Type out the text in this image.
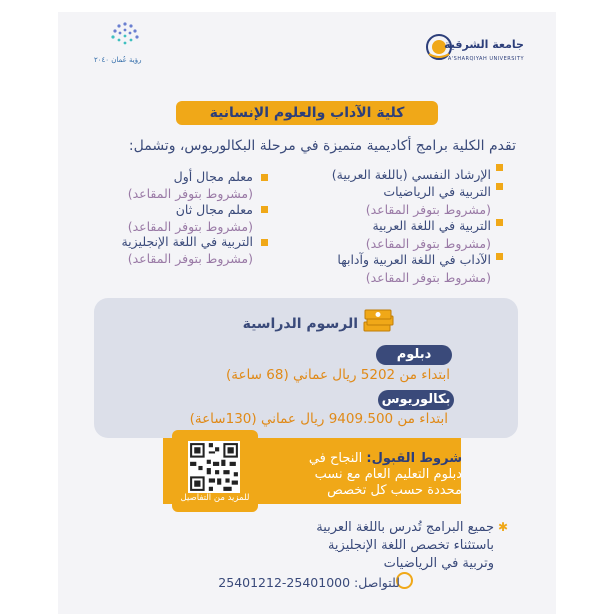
جامعة الشرقية
A'SHARQIYAH UNIVERSITY
رؤية عُمان ٢٠٤٠
كلية الآداب والعلوم الإنسانية
تقدم الكلية برامج أكاديمية متميزة في مرحلة البكالوريوس، وتشمل:
الإرشاد النفسي (باللغة العربية)
التربية في الرياضيات
(مشروط بتوفر المقاعد)
التربية في اللغة العربية
(مشروط بتوفر المقاعد)
الآداب في اللغة العربية وآدابها
(مشروط بتوفر المقاعد)
معلم مجال أول
(مشروط بتوفر المقاعد)
معلم مجال ثان
(مشروط بتوفر المقاعد)
التربية في اللغة الإنجليزية
(مشروط بتوفر المقاعد)
الرسوم الدراسية
دبلوم
ابتداء من 5202 ريال عماني (68 ساعة)
بكالوريوس
ابتداء من 9409.500 ريال عماني (130ساعة)
للمزيد من التفاصيل
شروط القبول: النجاح في
دبلوم التعليم العام مع نسب
محددة حسب كل تخصص
✱
جميع البرامج تُدرس باللغة العربية
باستثناء تخصص اللغة الإنجليزية
وتربية في الرياضيات
للتواصل: 25401212-25401000
